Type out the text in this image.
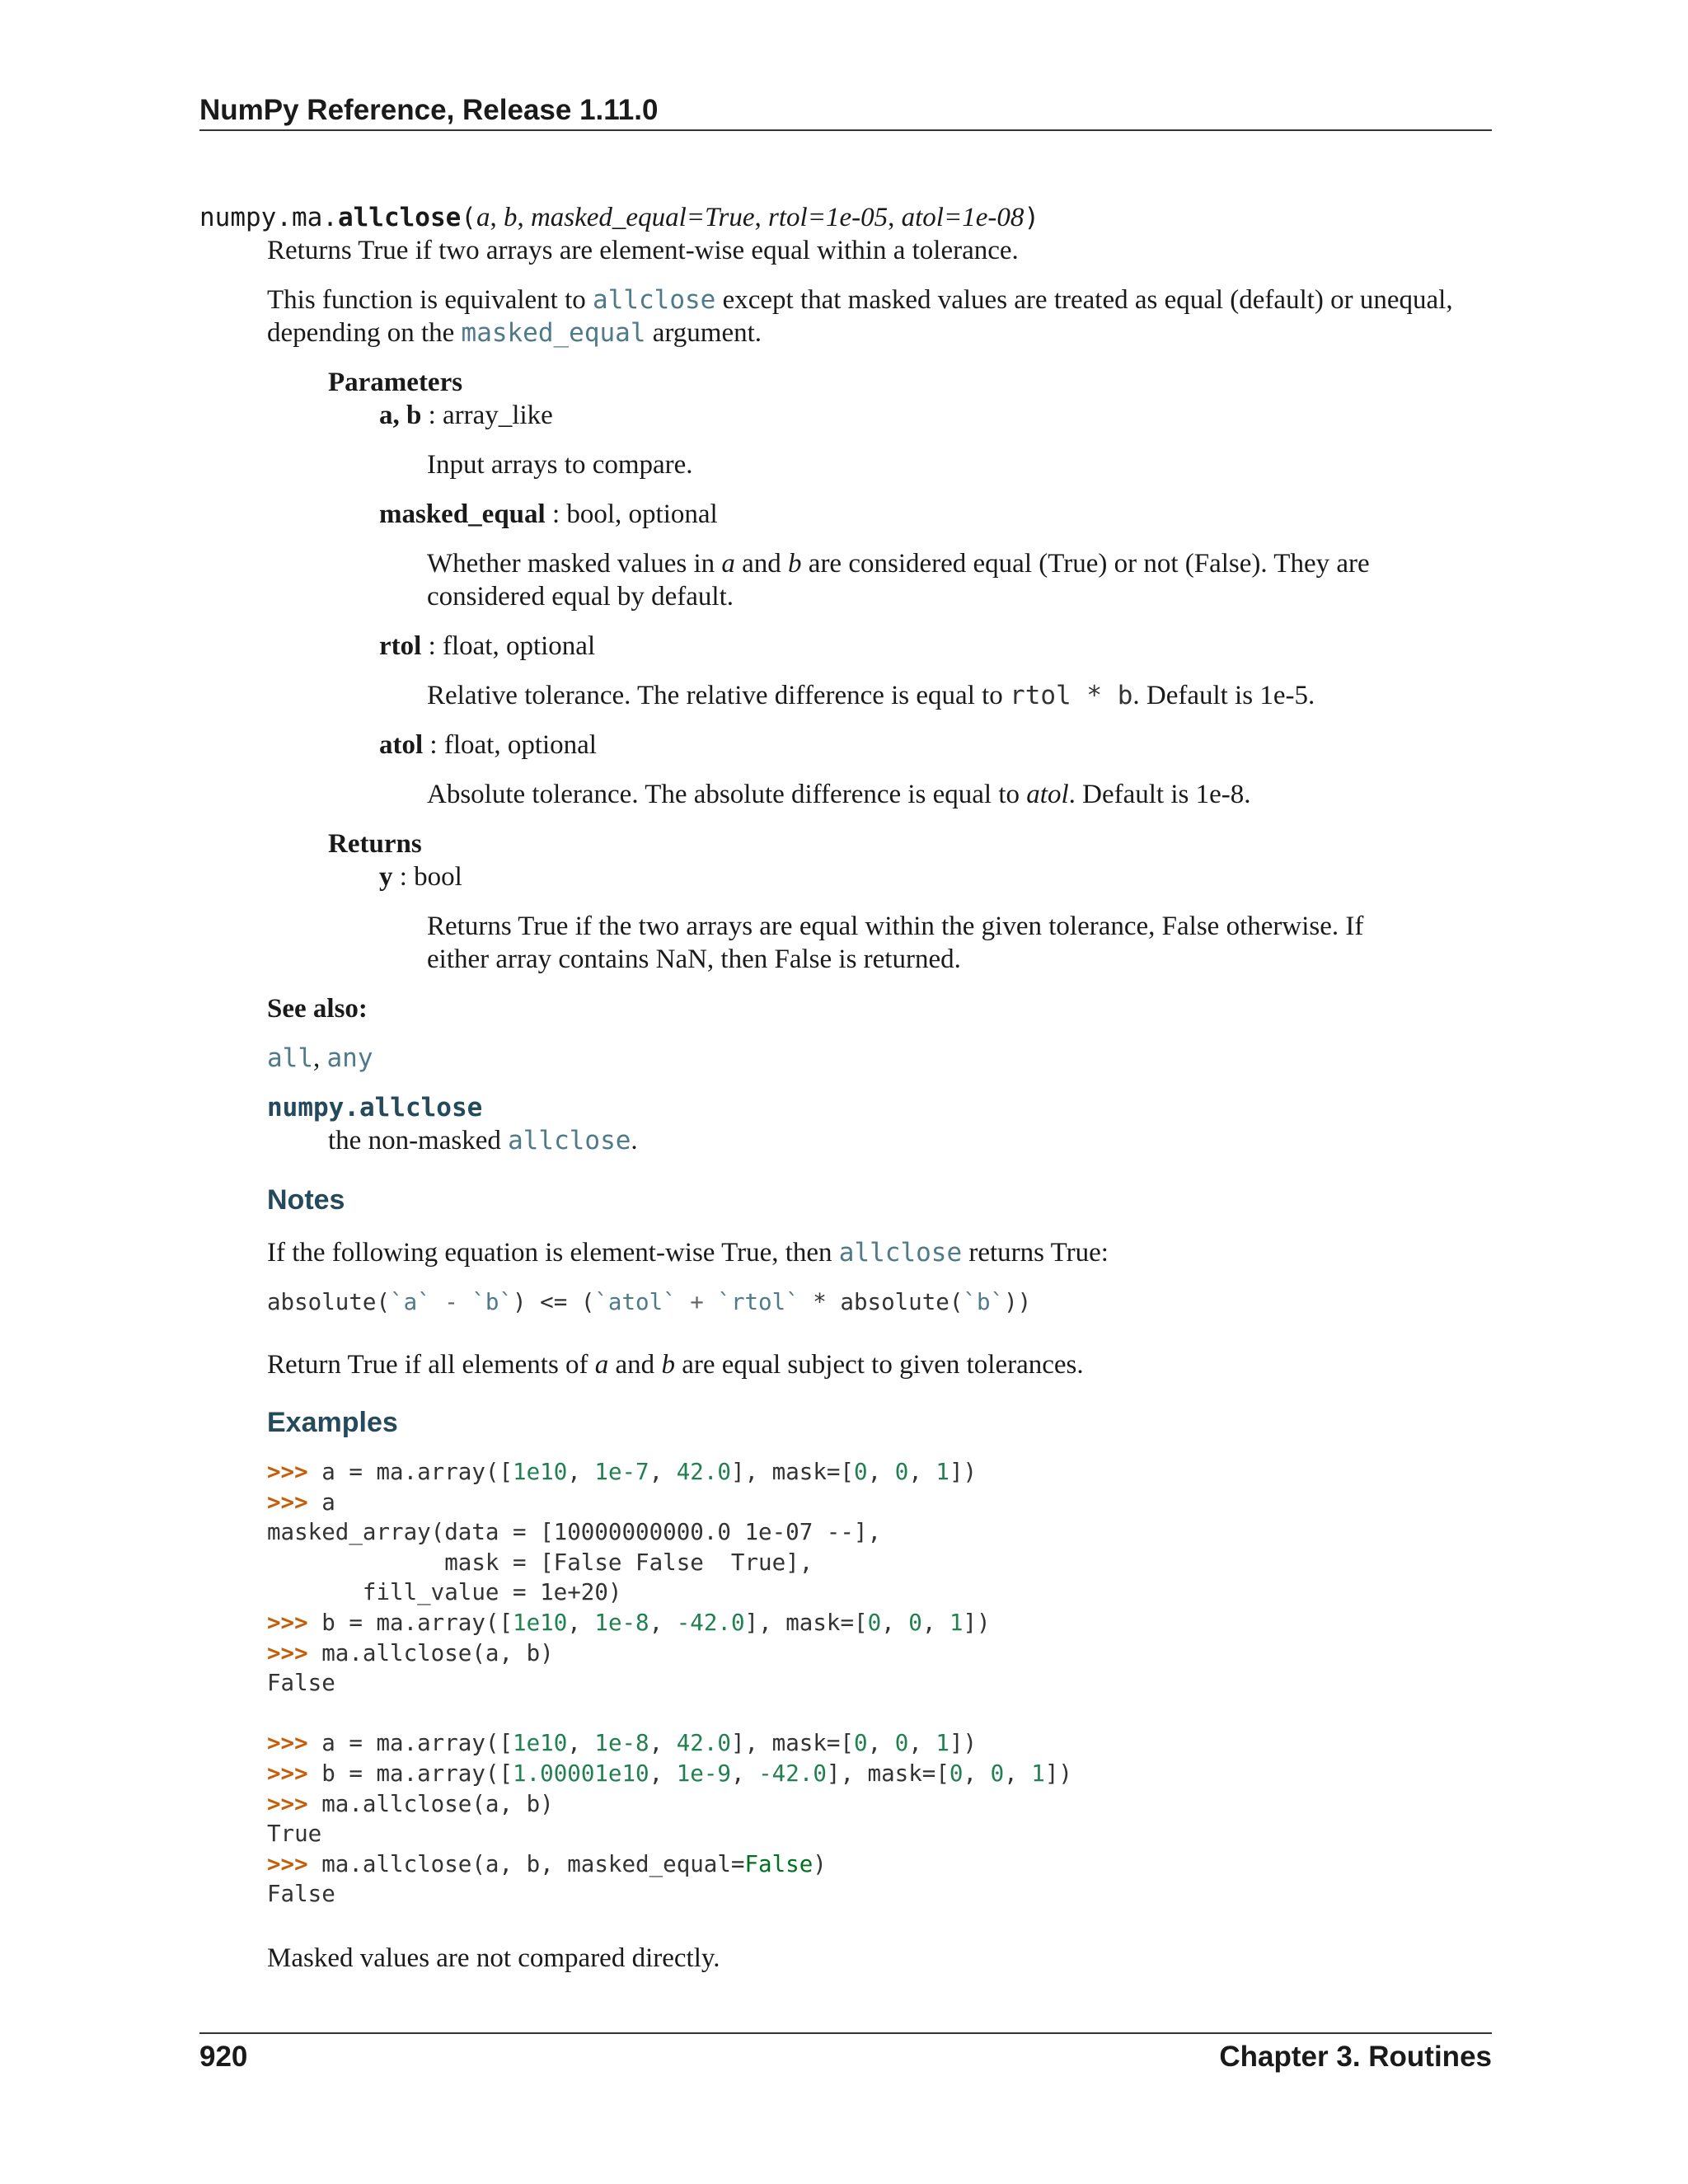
NumPy Reference, Release 1.11.0
numpy.ma.allclose(a, b, masked_equal=True, rtol=1e-05, atol=1e-08)
Returns True if two arrays are element-wise equal within a tolerance.
This function is equivalent to allclose except that masked values are treated as equal (default) or unequal,
depending on the masked_equal argument.
Parameters
a, b : array_like
Input arrays to compare.
masked_equal : bool, optional
Whether masked values in a and b are considered equal (True) or not (False). They are
considered equal by default.
rtol : float, optional
Relative tolerance. The relative difference is equal to rtol * b. Default is 1e-5.
atol : float, optional
Absolute tolerance. The absolute difference is equal to atol. Default is 1e-8.
Returns
y : bool
Returns True if the two arrays are equal within the given tolerance, False otherwise. If
either array contains NaN, then False is returned.
See also:
all, any
numpy.allclose
the non-masked allclose.
Notes
If the following equation is element-wise True, then allclose returns True:
absolute(`a` - `b`) <= (`atol` + `rtol` * absolute(`b`))
Return True if all elements of a and b are equal subject to given tolerances.
Examples
>>> a = ma.array([1e10, 1e-7, 42.0], mask=[0, 0, 1])
>>> a
masked_array(data = [10000000000.0 1e-07 --],
mask = [False False  True],
fill_value = 1e+20)
>>> b = ma.array([1e10, 1e-8, -42.0], mask=[0, 0, 1])
>>> ma.allclose(a, b)
False

>>> a = ma.array([1e10, 1e-8, 42.0], mask=[0, 0, 1])
>>> b = ma.array([1.00001e10, 1e-9, -42.0], mask=[0, 0, 1])
>>> ma.allclose(a, b)
True
>>> ma.allclose(a, b, masked_equal=False)
False
Masked values are not compared directly.
920	Chapter 3. Routines
